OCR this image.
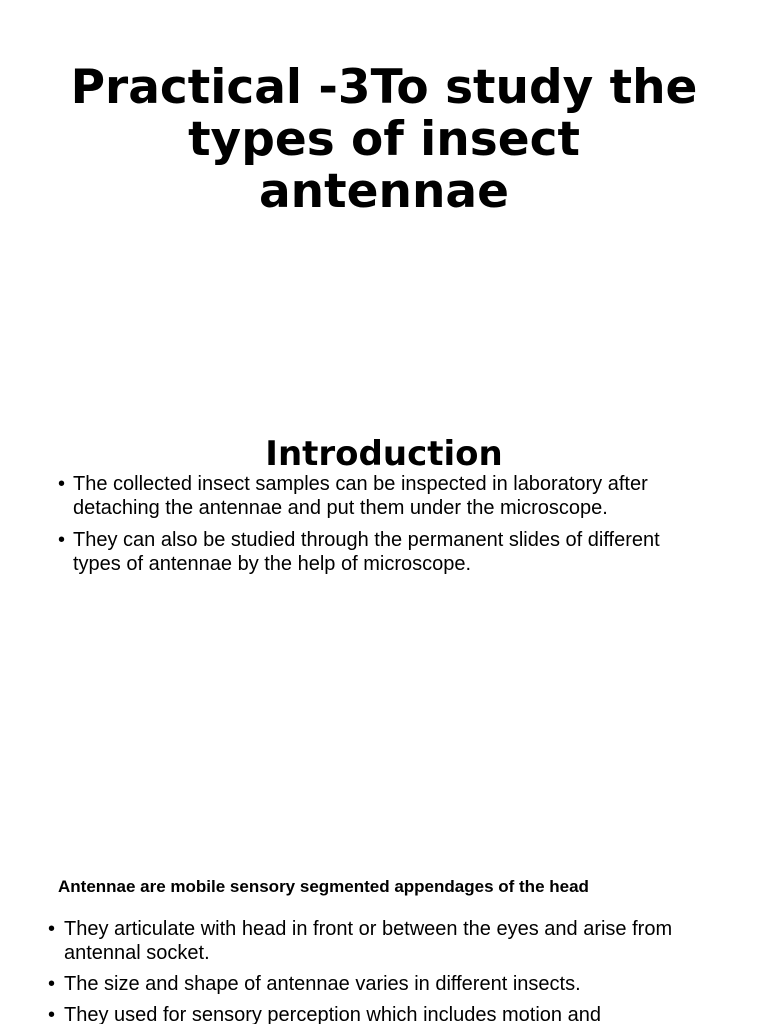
Practical -3To study the types of insect antennae
Introduction
• The collected insect samples can be inspected in laboratory after detaching the antennae and put them under the microscope.
• They can also be studied through the permanent slides of different types of antennae by the help of microscope.
Antennae are mobile sensory segmented appendages of the head
• They articulate with head in front or between the eyes and arise from antennal socket.
• The size and shape of antennae varies in different insects.
• They used for sensory perception which includes motion and
